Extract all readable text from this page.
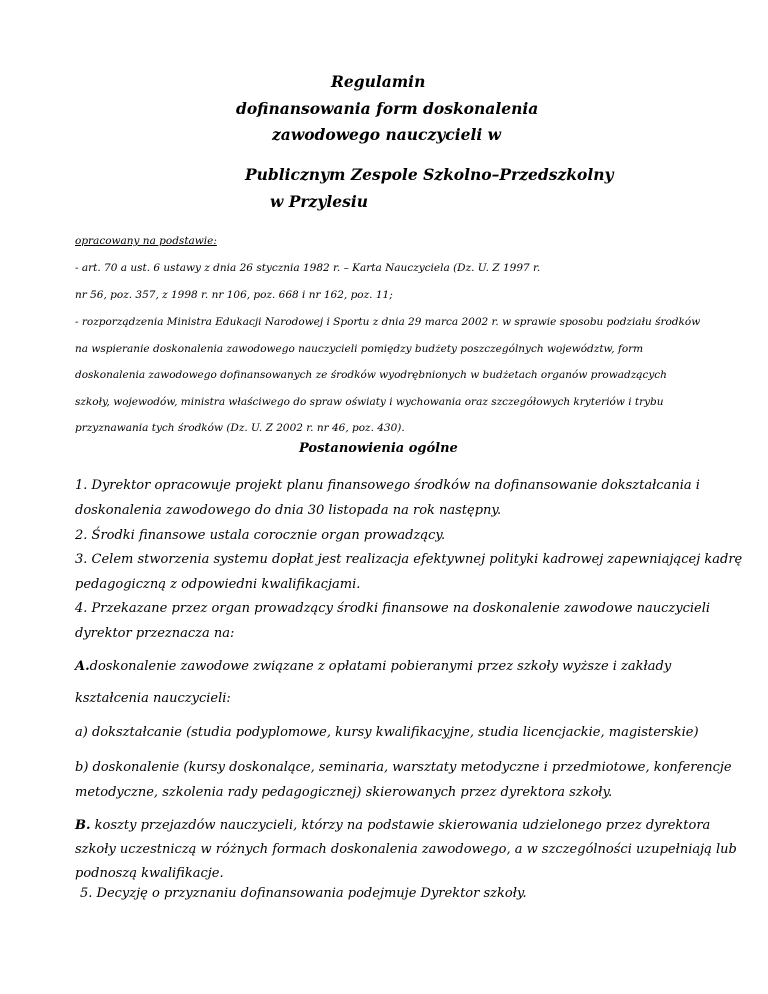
Regulamin
dofinansowania form doskonalenia
zawodowego nauczycieli w
Publicznym Zespole Szkolno–Przedszkolny
w Przylesiu
opracowany na podstawie:
- art. 70 a ust. 6 ustawy z dnia 26 stycznia 1982 r. – Karta Nauczyciela (Dz. U. Z 1997 r.
nr 56, poz. 357, z 1998 r. nr 106, poz. 668 i nr 162, poz. 11;
- rozporządzenia Ministra Edukacji Narodowej i Sportu z dnia 29 marca 2002 r. w sprawie sposobu podziału środków
na wspieranie doskonalenia zawodowego nauczycieli pomiędzy budżety poszczególnych województw, form
doskonalenia zawodowego dofinansowanych ze środków wyodrębnionych w budżetach organów prowadzących
szkoły, wojewodów, ministra właściwego do spraw oświaty i wychowania oraz szczegółowych kryteriów i trybu
przyznawania tych środków (Dz. U. Z 2002 r. nr 46, poz. 430).
Postanowienia ogólne
1. Dyrektor opracowuje projekt planu finansowego środków na dofinansowanie dokształcania i
doskonalenia zawodowego do dnia 30 listopada na rok następny.
2. Środki finansowe ustala corocznie organ prowadzący.
3. Celem stworzenia systemu dopłat jest realizacja efektywnej polityki kadrowej zapewniającej kadrę
pedagogiczną z odpowiedni kwalifikacjami.
4. Przekazane przez organ prowadzący środki finansowe na doskonalenie zawodowe nauczycieli
dyrektor przeznacza na:
A.doskonalenie zawodowe związane z opłatami pobieranymi przez szkoły wyższe i zakłady
kształcenia nauczycieli:
a) dokształcanie (studia podyplomowe, kursy kwalifikacyjne, studia licencjackie, magisterskie)
b) doskonalenie (kursy doskonalące, seminaria, warsztaty metodyczne i przedmiotowe, konferencje
metodyczne, szkolenia rady pedagogicznej) skierowanych przez dyrektora szkoły.
B. koszty przejazdów nauczycieli, którzy na podstawie skierowania udzielonego przez dyrektora
szkoły uczestniczą w różnych formach doskonalenia zawodowego, a w szczególności uzupełniają lub
podnoszą kwalifikacje.
5. Decyzję o przyznaniu dofinansowania podejmuje Dyrektor szkoły.
